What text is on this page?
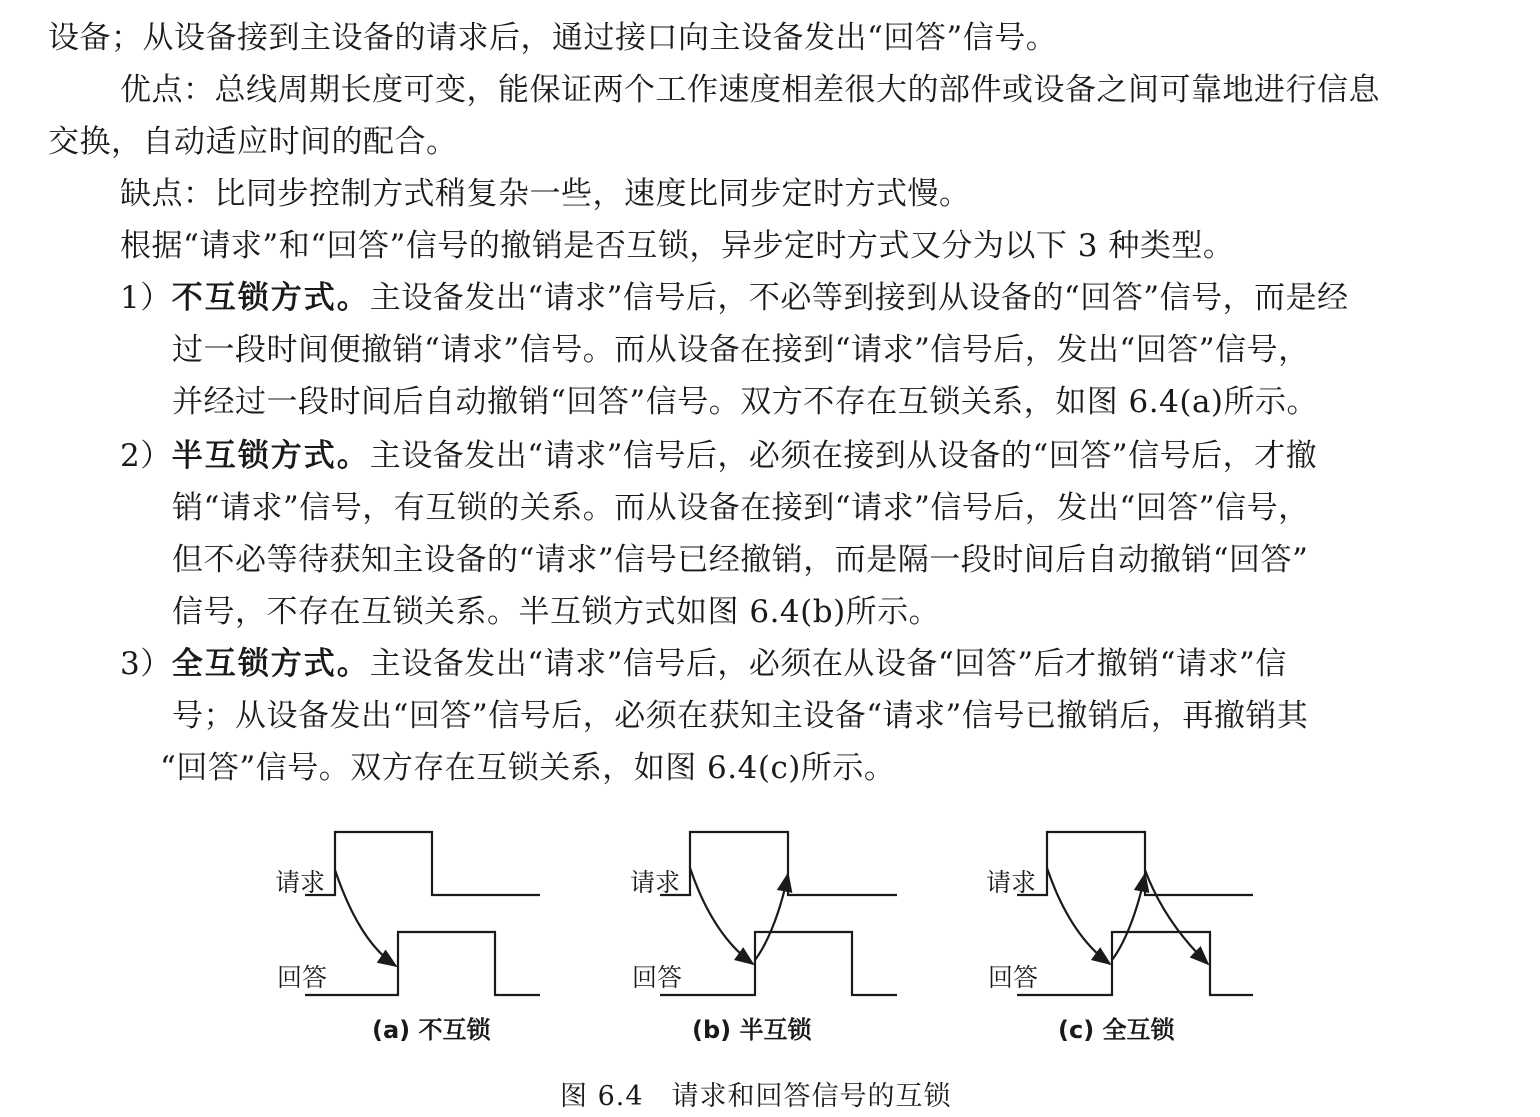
设备；从设备接到主设备的请求后，通过接口向主设备发出“回答”信号。
优点：总线周期长度可变，能保证两个工作速度相差很大的部件或设备之间可靠地进行信息
交换，自动适应时间的配合。
缺点：比同步控制方式稍复杂一些，速度比同步定时方式慢。
根据“请求”和“回答”信号的撤销是否互锁，异步定时方式又分为以下 3 种类型。
1）不互锁方式。主设备发出“请求”信号后，不必等到接到从设备的“回答”信号，而是经
过一段时间便撤销“请求”信号。而从设备在接到“请求”信号后，发出“回答”信号，
并经过一段时间后自动撤销“回答”信号。双方不存在互锁关系，如图 6.4(a)所示。
2）半互锁方式。主设备发出“请求”信号后，必须在接到从设备的“回答”信号后，才撤
销“请求”信号，有互锁的关系。而从设备在接到“请求”信号后，发出“回答”信号，
但不必等待获知主设备的“请求”信号已经撤销，而是隔一段时间后自动撤销“回答”
信号，不存在互锁关系。半互锁方式如图 6.4(b)所示。
3）全互锁方式。主设备发出“请求”信号后，必须在从设备“回答”后才撤销“请求”信
号；从设备发出“回答”信号后，必须在获知主设备“请求”信号已撤销后，再撤销其
“回答”信号。双方存在互锁关系，如图 6.4(c)所示。
请求
回答
(a) 不互锁
请求
回答
(b) 半互锁
请求
回答
(c) 全互锁
图 6.4　请求和回答信号的互锁
